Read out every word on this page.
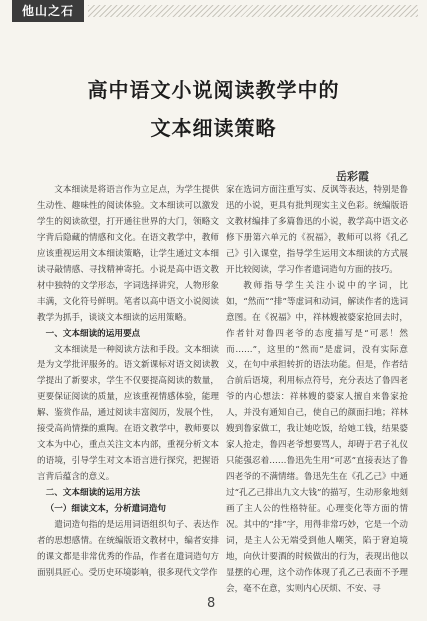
他山之石
高中语文小说阅读教学中的
文本细读策略
岳彩霞

文本细读是将语言作为立足点，为学生提供生动性、趣味性的阅读体验。文本细读可以激发学生的阅读欲望，打开通往世界的大门，领略文字背后隐藏的情感和文化。在语文教学中，教师应该重视运用文本细读策略，让学生通过文本细读寻敲情感、寻找精神寄托。小说是高中语文教材中独特的文学形态，字词选择讲究，人物形象丰满，文化符号鲜明。笔者以高中语文小说阅读教学为抓手，谈谈文本细读的运用策略。

一、文本细读的运用要点

文本细读是一种阅读方法和手段。文本细读是为文学批评服务的。语文新课标对语文阅读教学提出了新要求，学生不仅要提高阅读的数量，更要保证阅读的质量，应该重视情感体验，能理解、鉴赏作品，通过阅读丰富阅历，发展个性，接受高尚情操的熏陶。在语文教学中，教师要以文本为中心，重点关注文本内部，重视分析文本的语境，引导学生对文本语言进行探究，把握语言背后蕴含的意义。

二、文本细读的运用方法

（一）细读文本，分析遣词造句

遣词造句指的是运用词语组织句子、表达作者的思想感情。在统编版语文教材中，编者安排的课文都是非常优秀的作品，作者在遣词造句方面别具匠心。受历史环境影响，很多现代文学作

家在选词方面注重写实、反讽等表达，特别是鲁迅的小说，更具有批判现实主义色彩。统编版语文教材编排了多篇鲁迅的小说，教学高中语文必修下册第六单元的《祝福》，教师可以将《孔乙己》引入课堂，指导学生运用文本细读的方式展开比较阅读，学习作者遣词造句方面的技巧。

教师指导学生关注小说中的字词，比如，“然而”“排”等虚词和动词，解读作者的选词意图。在《祝福》中，祥林嫂被婆家抢回去时，作者针对鲁四老爷的态度描写是“可恶！然而……”，这里的“然而”是虚词，没有实际意义，在句中承担转折的语法功能。但是，作者结合前后语境，利用标点符号，充分表达了鲁四老爷的内心想法：祥林嫂的婆家人擅自来鲁家抢人，并没有通知自己，使自己的颜面扫地；祥林嫂到鲁家做工，我让她吃饭，给她工钱，结果婆家人抢走，鲁四老爷想要骂人，却碍于君子礼仪只能强忍着……鲁迅先生用“可恶”直接表达了鲁四老爷的不满情绪。鲁迅先生在《孔乙己》中通过“孔乙己排出九文大钱”的描写，生动形象地刻画了主人公的性格特征。心理变化等方面的情况。其中的“排”字，用得非常巧妙，它是一个动词，是主人公无端受到他人嘲笑，陷于窘迫境地，向伙计要酒的时候做出的行为，表现出他以显摆的心理，这个动作体现了孔乙己表面不予理会，毫不在意，实则内心厌烦、不安、寻

8
